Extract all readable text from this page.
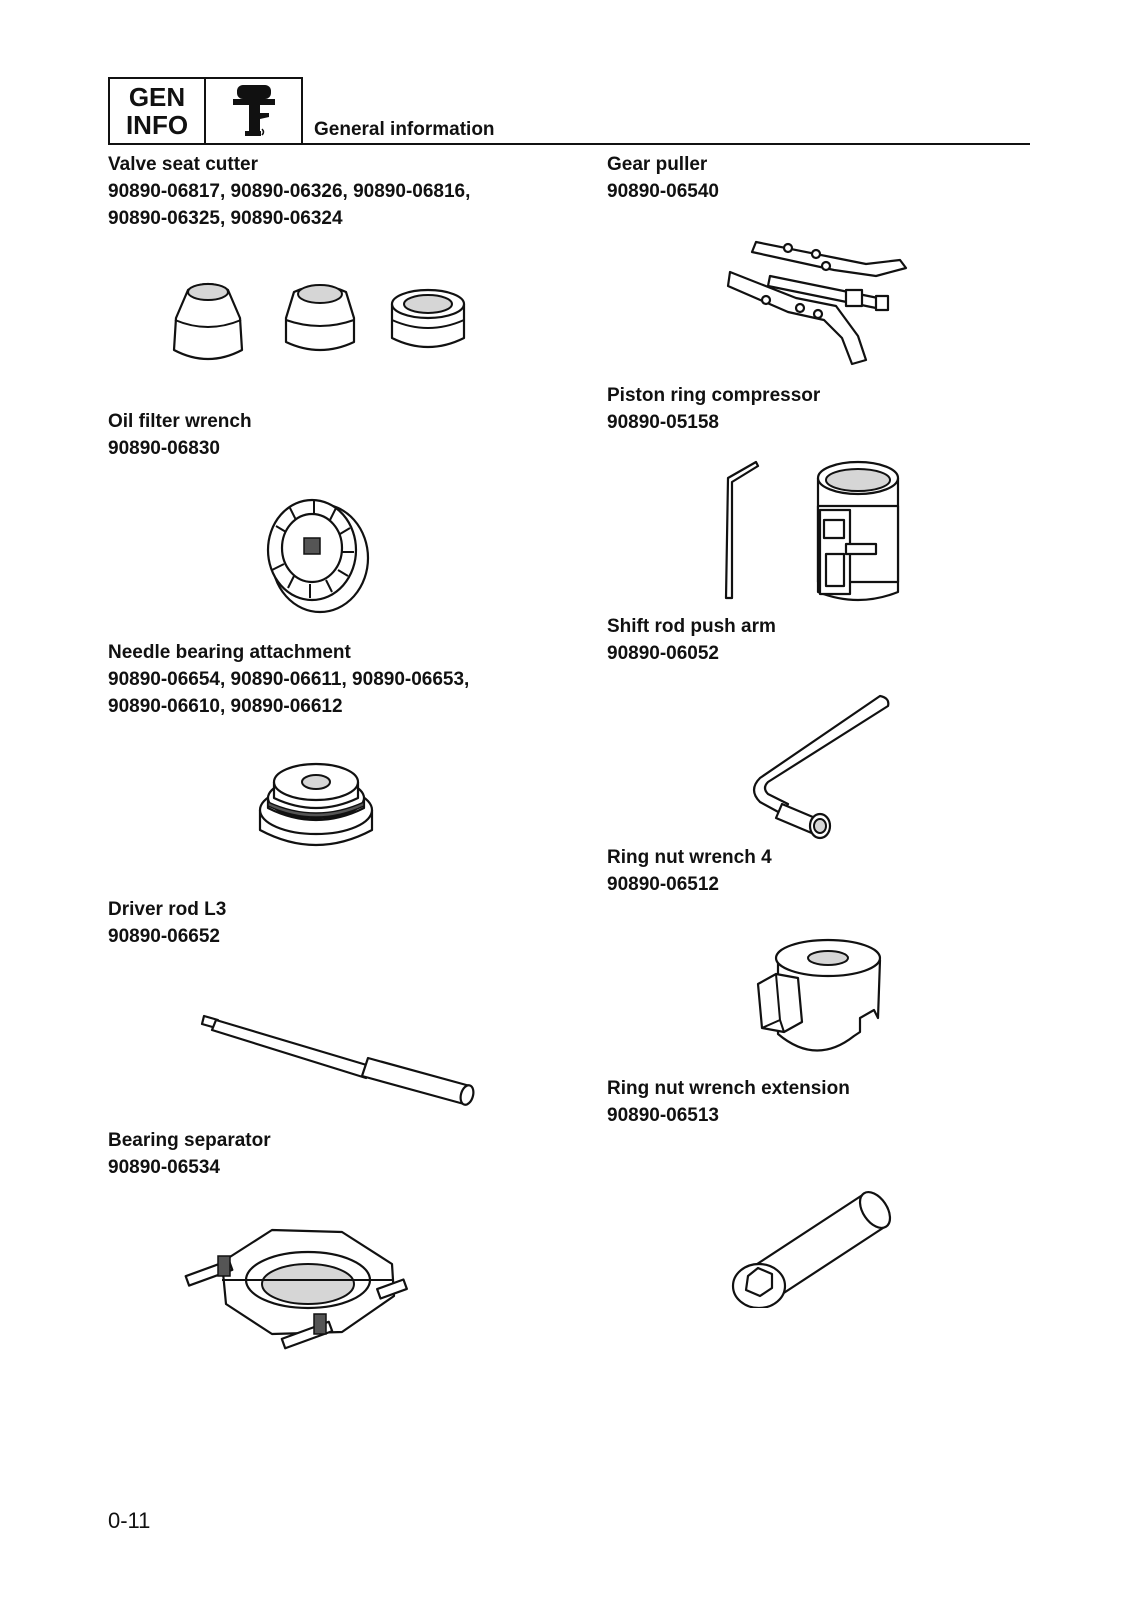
GEN
INFO	General information
Valve seat cutter
90890-06817, 90890-06326, 90890-06816,
90890-06325, 90890-06324
Oil filter wrench
90890-06830
Needle bearing attachment
90890-06654, 90890-06611, 90890-06653,
90890-06610, 90890-06612
Driver rod L3
90890-06652
Bearing separator
90890-06534
Gear puller
90890-06540
Piston ring compressor
90890-05158
Shift rod push arm
90890-06052
Ring nut wrench 4
90890-06512
Ring nut wrench extension
90890-06513
0-11
